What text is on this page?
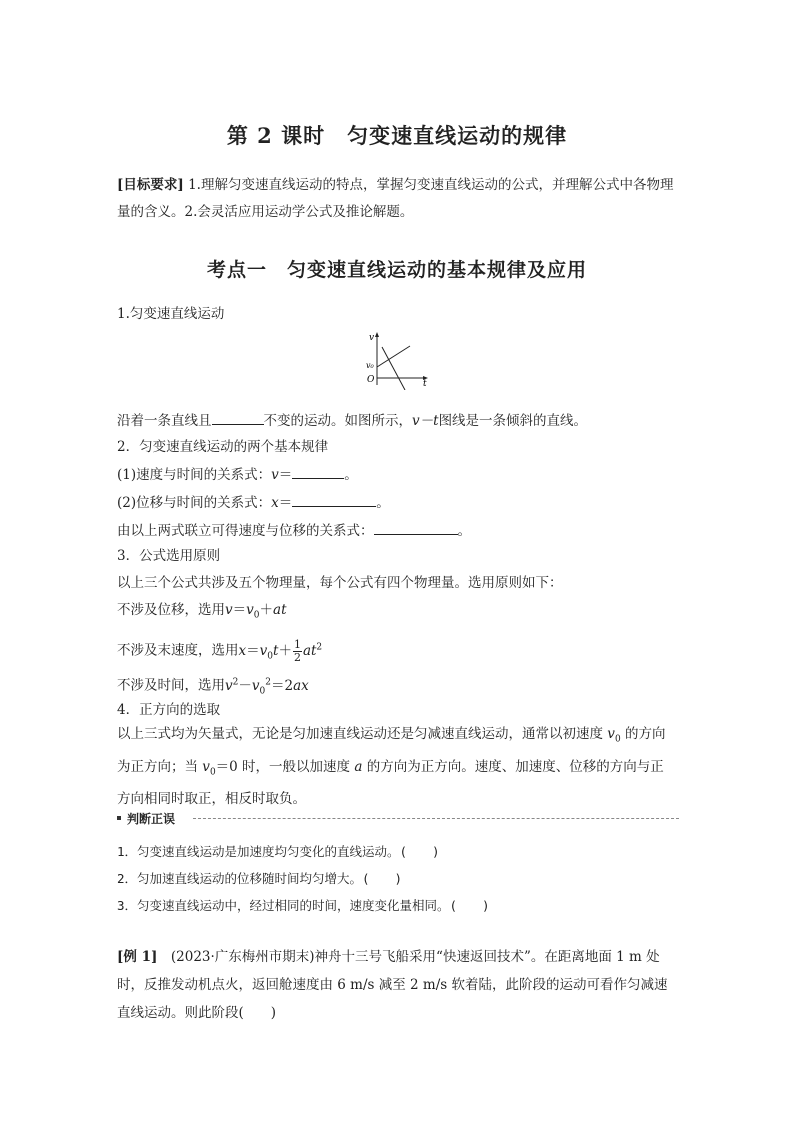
第 2 课时　匀变速直线运动的规律
[目标要求] 1.理解匀变速直线运动的特点，掌握匀变速直线运动的公式，并理解公式中各物理量的含义。2.会灵活应用运动学公式及推论解题。
考点一　匀变速直线运动的基本规律及应用
1.匀变速直线运动
v
v₀
O	t
沿着一条直线且	不变的运动。如图所示，v－t图线是一条倾斜的直线。
2．匀变速直线运动的两个基本规律
(1)速度与时间的关系式：v＝	。
(2)位移与时间的关系式：x＝	。
由以上两式联立可得速度与位移的关系式：	。
3．公式选用原则
以上三个公式共涉及五个物理量，每个公式有四个物理量。选用原则如下：
不涉及位移，选用$v=v_0+at$
不涉及末速度，选用$x=v_0t+ \frac{1}{2} at^2$
不涉及时间，选用$v^2-v_0^2=2ax$
4．正方向的选取
以上三式均为矢量式，无论是匀加速直线运动还是匀减速直线运动，通常以初速度 $v_0$ 的方向
为正方向；当 $v_0=0$ 时，一般以加速度 a 的方向为正方向。速度、加速度、位移的方向与正
方向相同时取正，相反时取负。
判断正误
1．匀变速直线运动是加速度均匀变化的直线运动。(　　)
2．匀加速直线运动的位移随时间均匀增大。(　　)
3．匀变速直线运动中，经过相同的时间，速度变化量相同。(　　)
[例 1]　(2023·广东梅州市期末)神舟十三号飞船采用“快速返回技术”。在距离地面 1 m 处时，反推发动机点火，返回舱速度由 6 m/s 减至 2 m/s 软着陆，此阶段的运动可看作匀减速直线运动。则此阶段(　　)
